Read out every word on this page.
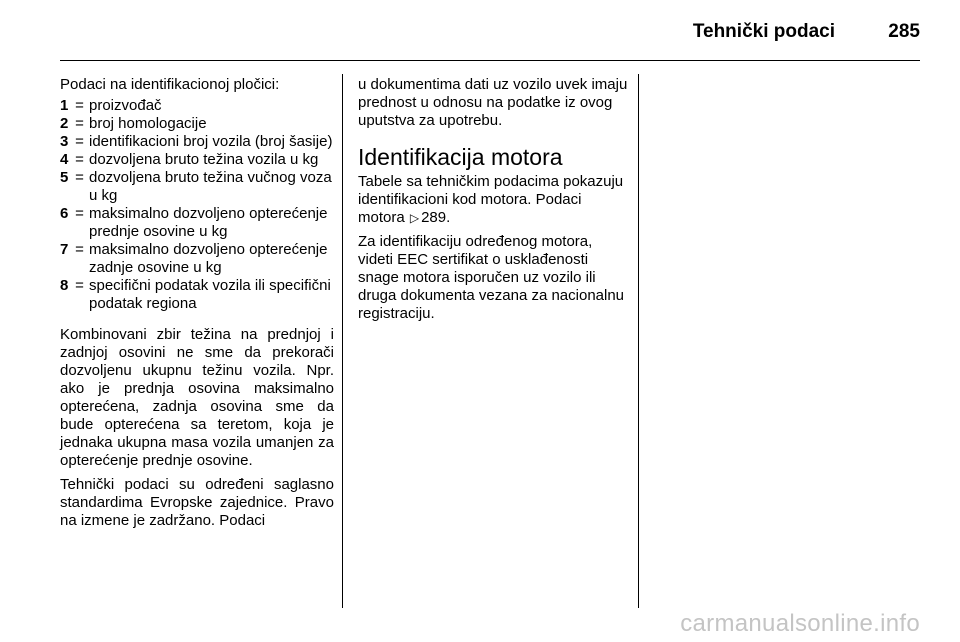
Tehnički podaci	285

Podaci na identifikacionoj pločici:

1 = proizvođač
2 = broj homologacije
3 = identifikacioni broj vozila (broj šasije)
4 = dozvoljena bruto težina vozila u kg
5 = dozvoljena bruto težina vučnog voza u kg
6 = maksimalno dozvoljeno opterećenje prednje osovine u kg
7 = maksimalno dozvoljeno opterećenje zadnje osovine u kg
8 = specifični podatak vozila ili specifični podatak regiona

Kombinovani zbir težina na prednjoj i zadnjoj osovini ne sme da prekorači dozvoljenu ukupnu težinu vozila. Npr. ako je prednja osovina maksimalno opterećena, zadnja osovina sme da bude opterećena sa teretom, koja je jednaka ukupna masa vozila umanjen za opterećenje prednje osovine.

Tehnički podaci su određeni saglasno standardima Evropske zajednice. Pravo na izmene je zadržano. Podaci

u dokumentima dati uz vozilo uvek imaju prednost u odnosu na podatke iz ovog uputstva za upotrebu.

Identifikacija motora

Tabele sa tehničkim podacima pokazuju identifikacioni kod motora. Podaci motora ▷ 289.

Za identifikaciju određenog motora, videti EEC sertifikat o usklađenosti snage motora isporučen uz vozilo ili druga dokumenta vezana za nacionalnu registraciju.

carmanualsonline.info
